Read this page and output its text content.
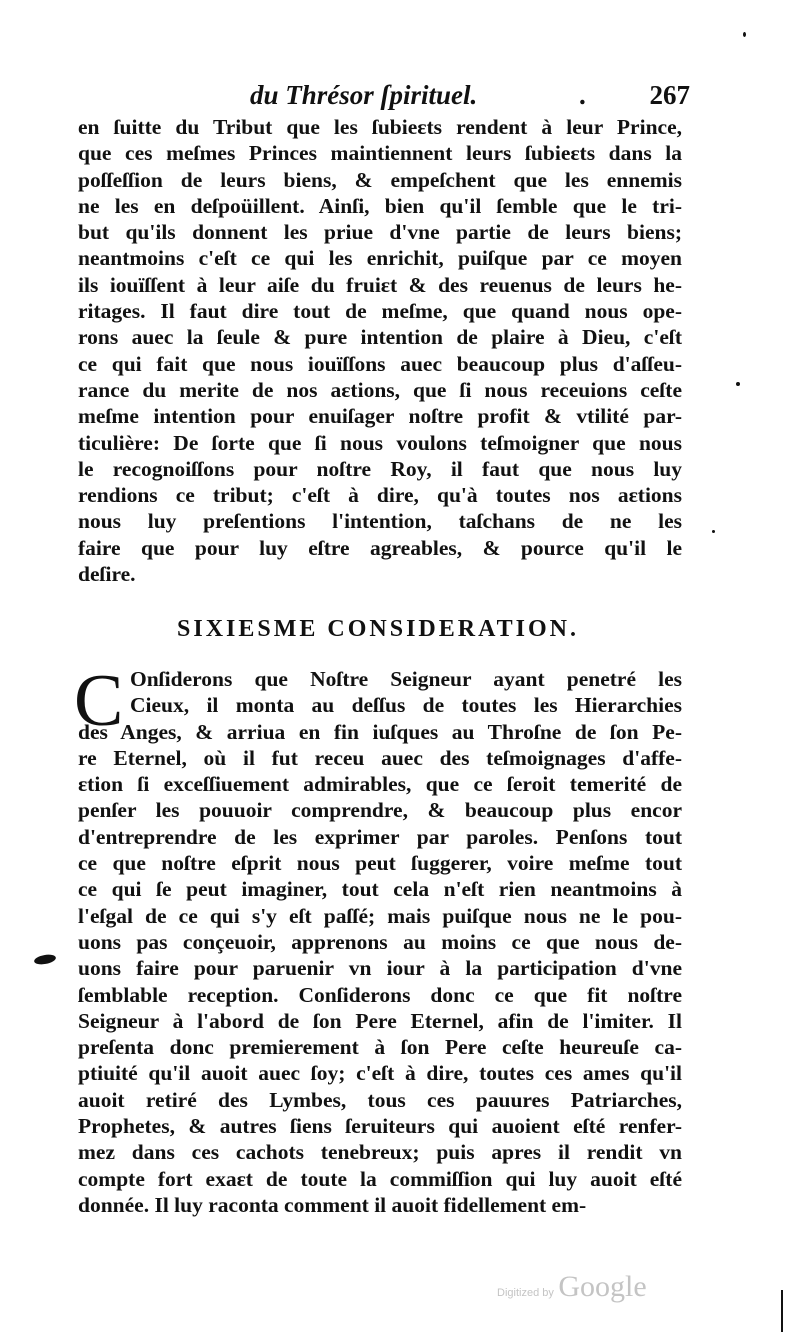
du Thrésor ſpirituel.	. 267
en ſuitte du Tribut que les ſubieɛts rendent à leur Prince,
que ces meſmes Princes maintiennent leurs ſubieɛts dans la
poſſeſſion de leurs biens, & empeſchent que les ennemis
ne les en deſpoüillent. Ainſi, bien qu'il ſemble que le tri-
but qu'ils donnent les priue d'vne partie de leurs biens;
neantmoins c'eſt ce qui les enrichit, puiſque par ce moyen
ils iouïſſent à leur aiſe du fruiɛt & des reuenus de leurs he-
ritages. Il faut dire tout de meſme, que quand nous ope-
rons auec la ſeule & pure intention de plaire à Dieu, c'eſt
ce qui fait que nous iouïſſons auec beaucoup plus d'aſſeu-
rance du merite de nos aɛtions, que ſi nous receuions ceſte
meſme intention pour enuiſager noſtre profit & vtilité par-
ticulière: De ſorte que ſi nous voulons teſmoigner que nous
le recognoiſſons pour noſtre Roy, il faut que nous luy
rendions ce tribut; c'eſt à dire, qu'à toutes nos aɛtions
nous luy preſentions l'intention, taſchans de ne les
faire que pour luy eſtre agreables, & pource qu'il le
deſire.
SIXIESME CONSIDERATION.
C Onſiderons que Noſtre Seigneur ayant penetré les
Cieux, il monta au deſſus de toutes les Hierarchies
des Anges, & arriua en fin iuſques au Throſne de ſon Pe-
re Eternel, où il fut receu auec des teſmoignages d'affe-
ɛtion ſi exceſſiuement admirables, que ce ſeroit temerité de
penſer les pouuoir comprendre, & beaucoup plus encor
d'entreprendre de les exprimer par paroles. Penſons tout
ce que noſtre eſprit nous peut ſuggerer, voire meſme tout
ce qui ſe peut imaginer, tout cela n'eſt rien neantmoins à
l'eſgal de ce qui s'y eſt paſſé; mais puiſque nous ne le pou-
uons pas conçeuoir, apprenons au moins ce que nous de-
uons faire pour paruenir vn iour à la participation d'vne
ſemblable reception. Conſiderons donc ce que fit noſtre
Seigneur à l'abord de ſon Pere Eternel, afin de l'imiter. Il
preſenta donc premierement à ſon Pere ceſte heureuſe ca-
ptiuité qu'il auoit auec ſoy; c'eſt à dire, toutes ces ames qu'il
auoit retiré des Lymbes, tous ces pauures Patriarches,
Prophetes, & autres ſiens ſeruiteurs qui auoient eſté renfer-
mez dans ces cachots tenebreux; puis apres il rendit vn
compte fort exaɛt de toute la commiſſion qui luy auoit eſté
donnée. Il luy raconta comment il auoit fidellement em-
Digitized by Google
